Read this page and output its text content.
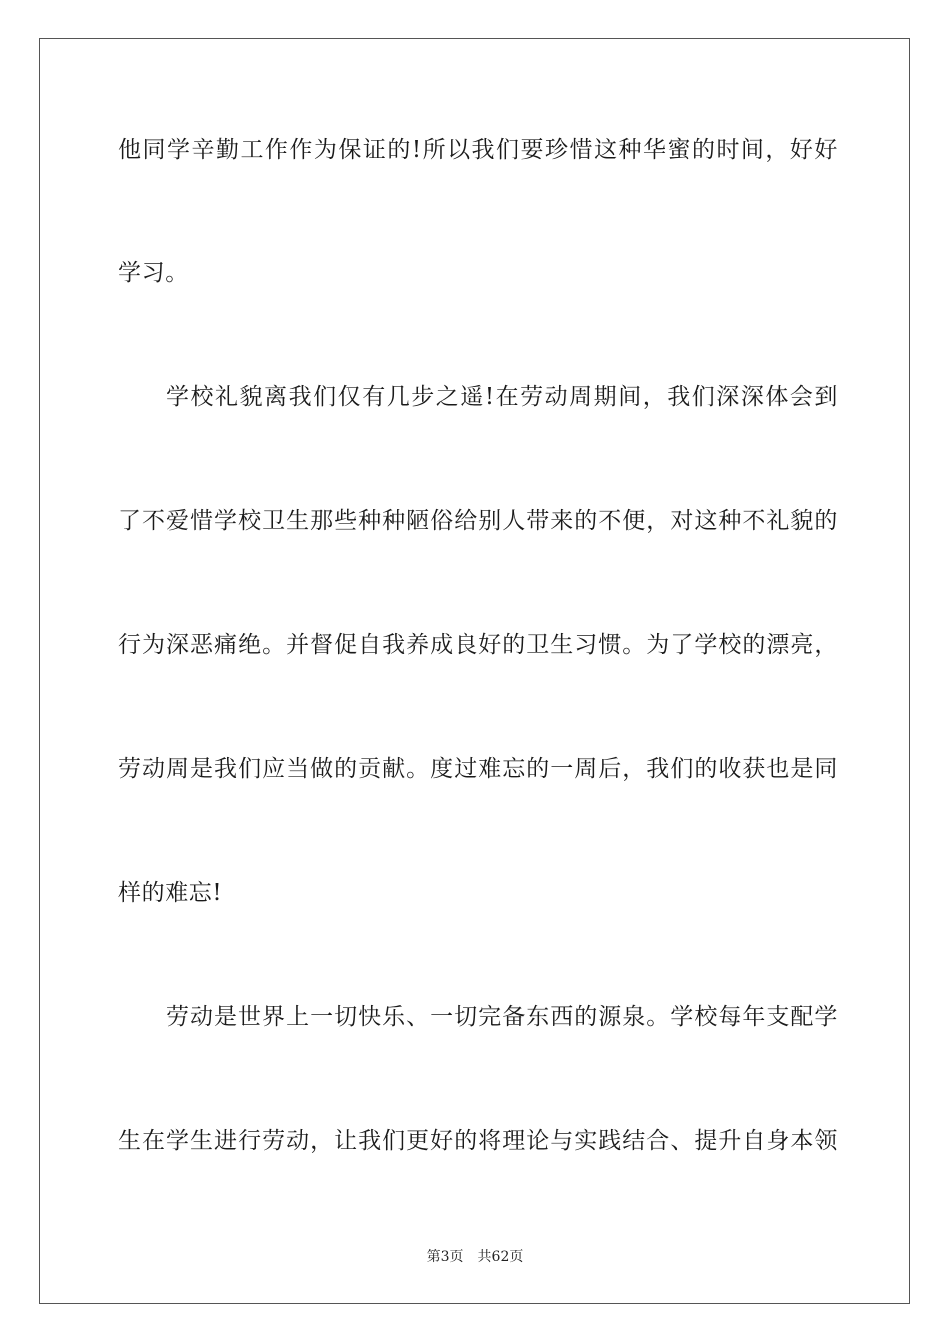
他同学辛勤工作作为保证的!所以我们要珍惜这种华蜜的时间，好好
学习。
学校礼貌离我们仅有几步之遥!在劳动周期间，我们深深体会到
了不爱惜学校卫生那些种种陋俗给别人带来的不便，对这种不礼貌的
行为深恶痛绝。并督促自我养成良好的卫生习惯。为了学校的漂亮，
劳动周是我们应当做的贡献。度过难忘的一周后，我们的收获也是同
样的难忘!
劳动是世界上一切快乐、一切完备东西的源泉。学校每年支配学
生在学生进行劳动，让我们更好的将理论与实践结合、提升自身本领
第3页 共62页
